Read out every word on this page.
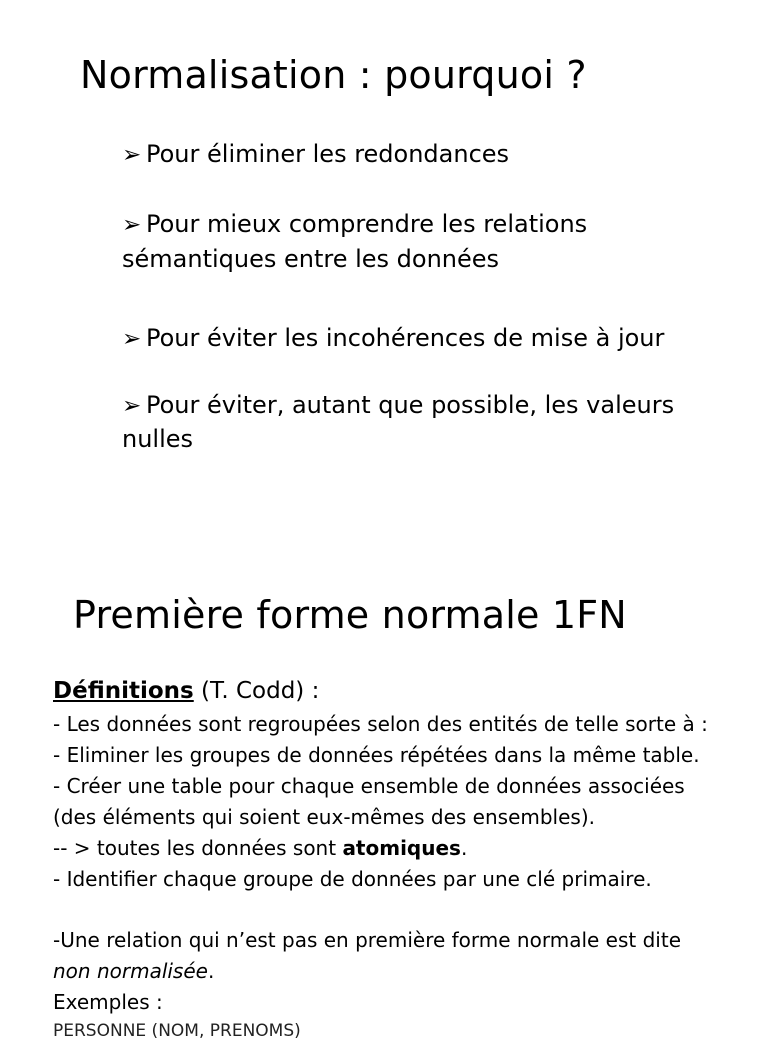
Normalisation : pourquoi ?
➢ Pour éliminer les redondances
➢ Pour mieux comprendre les relations
sémantiques entre les données
➢ Pour éviter les incohérences de mise à jour
➢ Pour éviter, autant que possible, les valeurs
nulles
Première forme normale 1FN
Définitions (T. Codd) :
- Les données sont regroupées selon des entités de telle sorte à :
- Eliminer les groupes de données répétées dans la même table.
- Créer une table pour chaque ensemble de données associées
(des éléments qui soient eux-mêmes des ensembles).
-- > toutes les données sont atomiques.
- Identifier chaque groupe de données par une clé primaire.
-Une relation qui n’est pas en première forme normale est dite
non normalisée.
Exemples :
PERSONNE (NOM, PRENOMS)
